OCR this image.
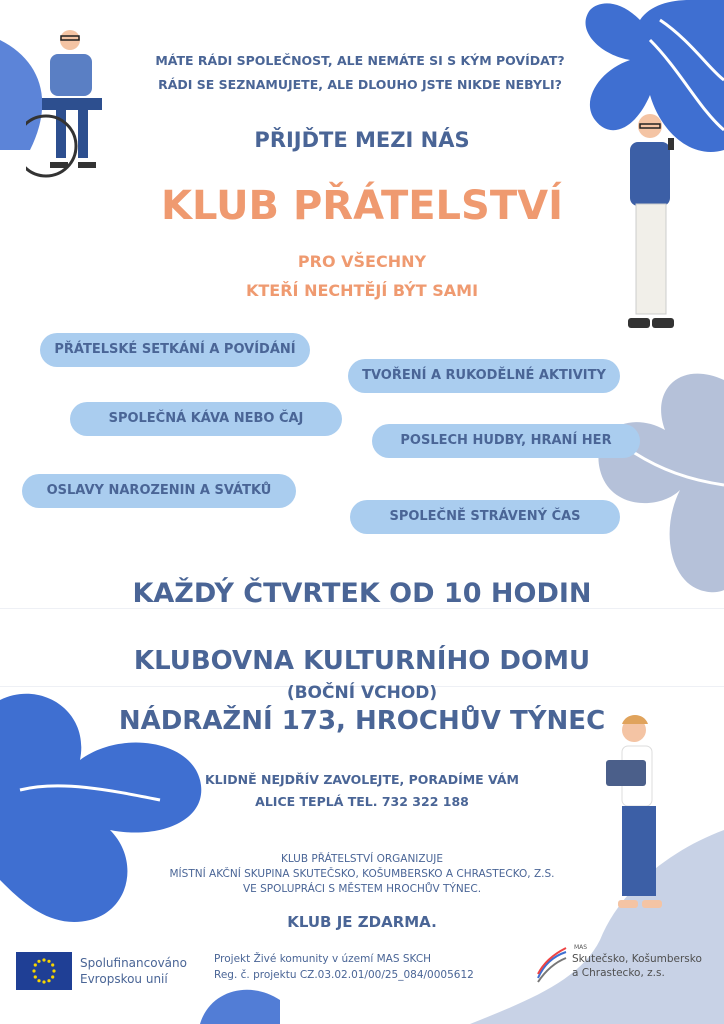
MÁTE RÁDI SPOLEČNOST, ALE NEMÁTE SI S KÝM POVÍDAT?
RÁDI SE SEZNAMUJETE, ALE DLOUHO JSTE NIKDE NEBYLI?
PŘIJĎTE MEZI NÁS
KLUB PŘÁTELSTVÍ
PRO VŠECHNY
KTEŘÍ NECHTĚJÍ BÝT SAMI
PŘÁTELSKÉ SETKÁNÍ A POVÍDÁNÍ
TVOŘENÍ A RUKODĚLNÉ AKTIVITY
SPOLEČNÁ KÁVA NEBO ČAJ
POSLECH HUDBY, HRANÍ HER
OSLAVY NAROZENIN A SVÁTKŮ
SPOLEČNĚ STRÁVENÝ ČAS
KAŽDÝ ČTVRTEK OD 10 HODIN
KLUBOVNA KULTURNÍHO DOMU
(BOČNÍ VCHOD)
NÁDRAŽNÍ 173, HROCHŮV TÝNEC
KLIDNĚ NEJDŘÍV ZAVOLEJTE, PORADÍME VÁM
ALICE TEPLÁ TEL. 732 322 188
KLUB PŘÁTELSTVÍ ORGANIZUJE
MÍSTNÍ AKČNÍ SKUPINA SKUTEČSKO, KOŠUMBERSKO A CHRASTECKO, Z.S.
VE SPOLUPRÁCI S MĚSTEM HROCHŮV TÝNEC.
KLUB JE ZDARMA.
Spolufinancováno
Evropskou unií
Projekt Živé komunity v území MAS SKCH
Reg. č. projektu CZ.03.02.01/00/25_084/0005612
MAS
Skutečsko, Košumbersko
a Chrastecko, z.s.
